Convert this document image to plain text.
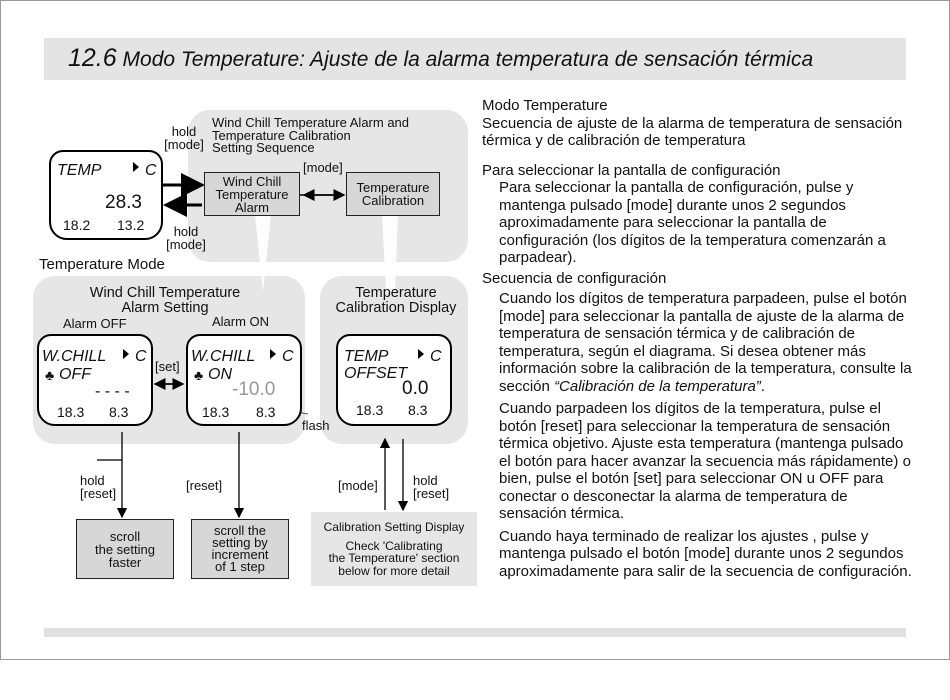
12.6 Modo Temperature: Ajuste de la alarma temperatura de sensación térmica
Wind Chill Temperature Alarm and
Temperature Calibration
Setting Sequence
hold
[mode]
hold
[mode]
[mode]
Wind Chill
Temperature
Alarm
Temperature
Calibration
TEMP	C
28.3
18.2 13.2
Temperature Mode
Wind Chill Temperature
Alarm Setting
Alarm OFF	Alarm ON
[set]
W.CHILL C
♣ OFF
- - - -
18.3 8.3
W.CHILL C
♣ ON
-10.0
18.3 8.3
flash
Temperature
Calibration Display
TEMP	C
OFFSET
0.0
18.3 8.3
hold
[reset]
[reset]	[mode]	hold
[reset]
scroll
the setting
faster
scroll the
setting by
increment
of 1 step
Calibration Setting Display
Check 'Calibrating
the Temperature' section
below for more detail

Modo Temperature

Secuencia de ajuste de la alarma de temperatura de sensación térmica y de calibración de temperatura

Para seleccionar la pantalla de configuración

Para seleccionar la pantalla de configuración, pulse y mantenga pulsado [mode] durante unos 2 segundos aproximadamente para seleccionar la pantalla de configuración (los dígitos de la temperatura comenzarán a parpadear).

Secuencia de configuración

Cuando los dígitos de temperatura parpadeen, pulse el botón [mode] para seleccionar la pantalla de ajuste de la alarma de temperatura de sensación térmica y de calibración de temperatura, según el diagrama. Si desea obtener más información sobre la calibración de la temperatura, consulte la sección “Calibración de la temperatura”.

Cuando parpadeen los dígitos de la temperatura, pulse el botón [reset] para seleccionar la temperatura de sensación térmica objetivo. Ajuste esta temperatura (mantenga pulsado el botón para hacer avanzar la secuencia más rápidamente) o bien, pulse el botón [set] para seleccionar ON u OFF para conectar o desconectar la alarma de temperatura de sensación térmica.

Cuando haya terminado de realizar los ajustes , pulse y mantenga pulsado el botón [mode] durante unos 2 segundos aproximadamente para salir de la secuencia de configuración.
